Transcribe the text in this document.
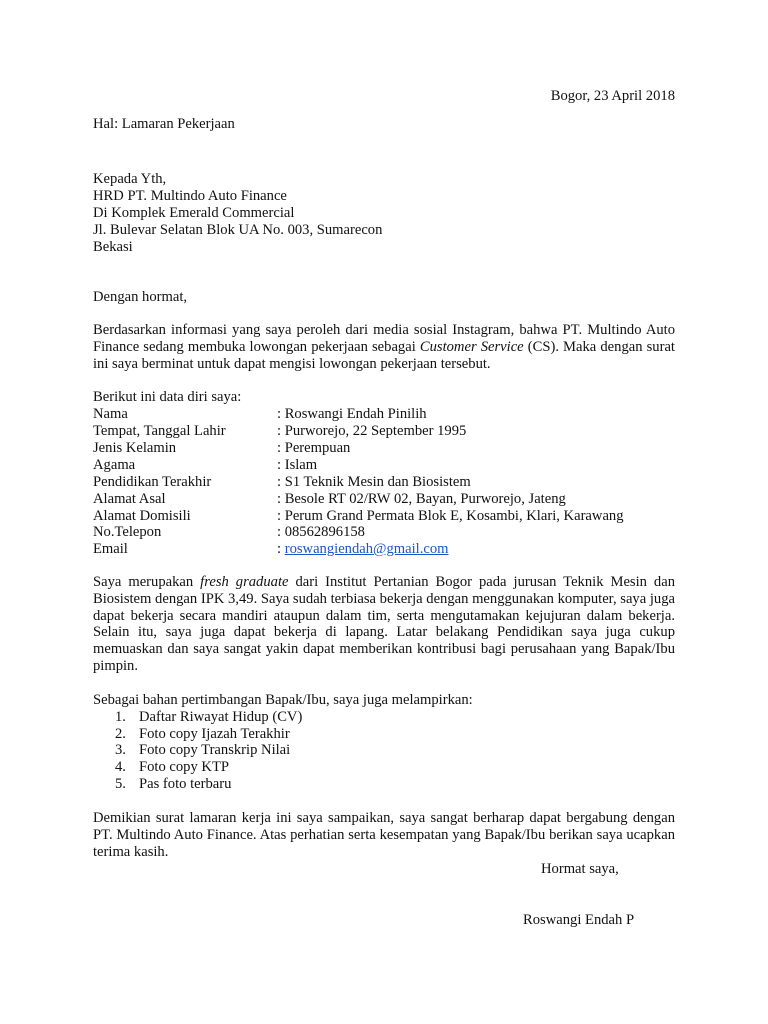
Bogor, 23 April 2018
Hal: Lamaran Pekerjaan
Kepada Yth,
HRD PT. Multindo Auto Finance
Di Komplek Emerald Commercial
Jl. Bulevar Selatan Blok UA No. 003, Sumarecon
Bekasi
Dengan hormat,
Berdasarkan informasi yang saya peroleh dari media sosial Instagram, bahwa PT. Multindo Auto Finance sedang membuka lowongan pekerjaan sebagai Customer Service (CS). Maka dengan surat ini saya berminat untuk dapat mengisi lowongan pekerjaan tersebut.
Berikut ini data diri saya:
Nama	: Roswangi Endah Pinilih
Tempat, Tanggal Lahir	: Purworejo, 22 September 1995
Jenis Kelamin	: Perempuan
Agama	: Islam
Pendidikan Terakhir	: S1 Teknik Mesin dan Biosistem
Alamat Asal	: Besole RT 02/RW 02, Bayan, Purworejo, Jateng
Alamat Domisili	: Perum Grand Permata Blok E, Kosambi, Klari, Karawang
No.Telepon	: 08562896158
Email	: roswangiendah@gmail.com
Saya merupakan fresh graduate dari Institut Pertanian Bogor pada jurusan Teknik Mesin dan Biosistem dengan IPK 3,49. Saya sudah terbiasa bekerja dengan menggunakan komputer, saya juga dapat bekerja secara mandiri ataupun dalam tim, serta mengutamakan kejujuran dalam bekerja. Selain itu, saya juga dapat bekerja di lapang. Latar belakang Pendidikan saya juga cukup memuaskan dan saya sangat yakin dapat memberikan kontribusi bagi perusahaan yang Bapak/Ibu pimpin.
Sebagai bahan pertimbangan Bapak/Ibu, saya juga melampirkan:
1. Daftar Riwayat Hidup (CV)
2. Foto copy Ijazah Terakhir
3. Foto copy Transkrip Nilai
4. Foto copy KTP
5. Pas foto terbaru
Demikian surat lamaran kerja ini saya sampaikan, saya sangat berharap dapat bergabung dengan PT. Multindo Auto Finance. Atas perhatian serta kesempatan yang Bapak/Ibu berikan saya ucapkan terima kasih.
Hormat saya,
Roswangi Endah P
